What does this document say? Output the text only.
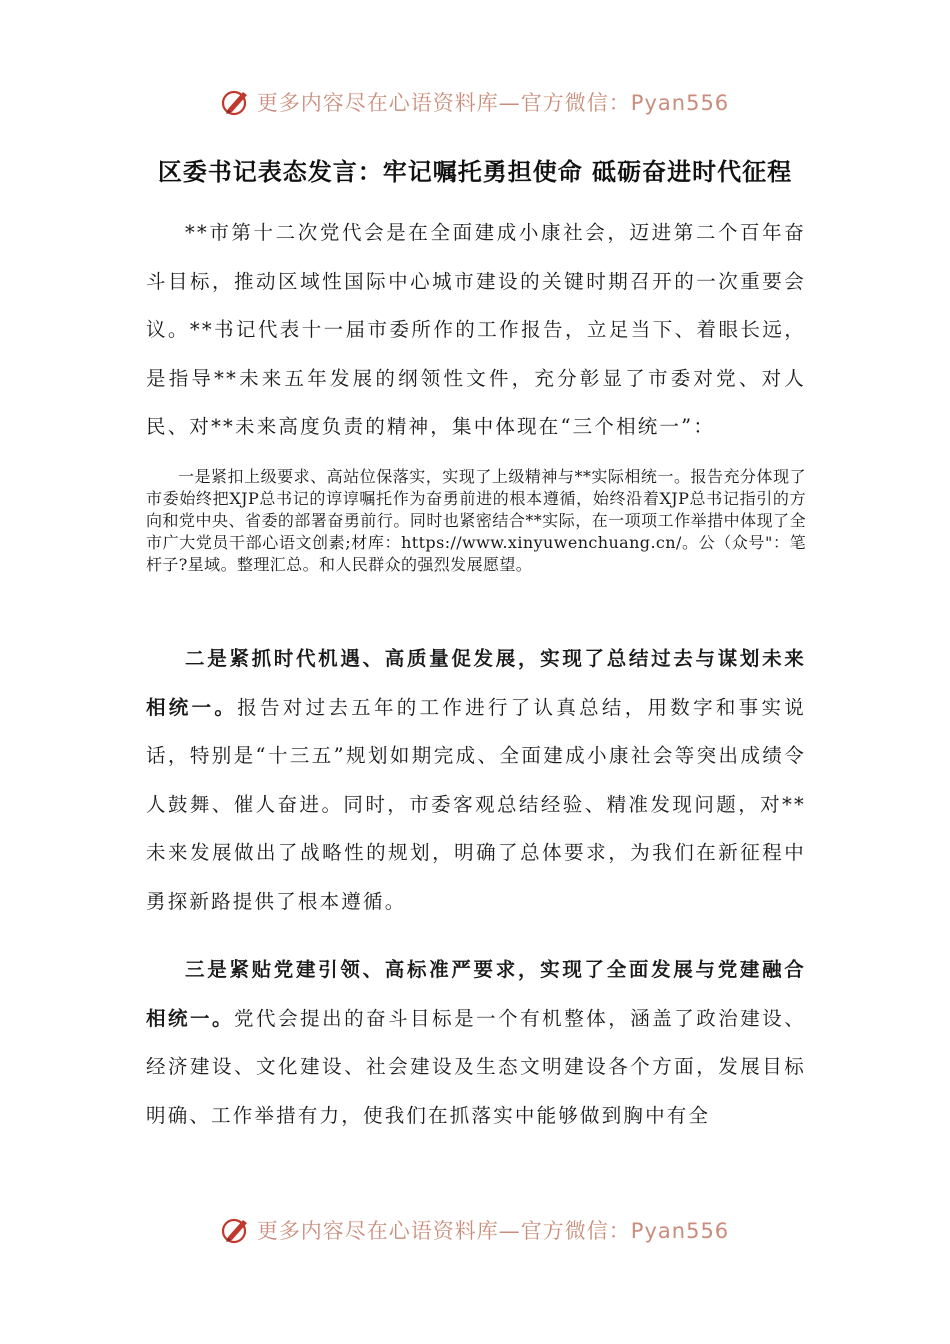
更多内容尽在心语资料库—官方微信：Pyan556
区委书记表态发言：牢记嘱托勇担使命 砥砺奋进时代征程

**市第十二次党代会是在全面建成小康社会，迈进第二个百年奋斗目标，推动区域性国际中心城市建设的关键时期召开的一次重要会议。**书记代表十一届市委所作的工作报告，立足当下、着眼长远，是指导**未来五年发展的纲领性文件，充分彰显了市委对党、对人民、对**未来高度负责的精神，集中体现在“三个相统一”：

一是紧扣上级要求、高站位保落实，实现了上级精神与**实际相统一。报告充分体现了市委始终把XJP总书记的谆谆嘱托作为奋勇前进的根本遵循，始终沿着XJP总书记指引的方向和党中央、省委的部署奋勇前行。同时也紧密结合**实际，在一项项工作举措中体现了全市广大党员干部心语文创素;材库：https://www.xinyuwenchuang.cn/。公（众号"：笔杆子?星域。整理汇总。和人民群众的强烈发展愿望。

二是紧抓时代机遇、高质量促发展，实现了总结过去与谋划未来相统一。报告对过去五年的工作进行了认真总结，用数字和事实说话，特别是“十三五”规划如期完成、全面建成小康社会等突出成绩令人鼓舞、催人奋进。同时，市委客观总结经验、精准发现问题，对**未来发展做出了战略性的规划，明确了总体要求，为我们在新征程中勇探新路提供了根本遵循。

三是紧贴党建引领、高标准严要求，实现了全面发展与党建融合相统一。党代会提出的奋斗目标是一个有机整体，涵盖了政治建设、经济建设、文化建设、社会建设及生态文明建设各个方面，发展目标明确、工作举措有力，使我们在抓落实中能够做到胸中有全

更多内容尽在心语资料库—官方微信：Pyan556
